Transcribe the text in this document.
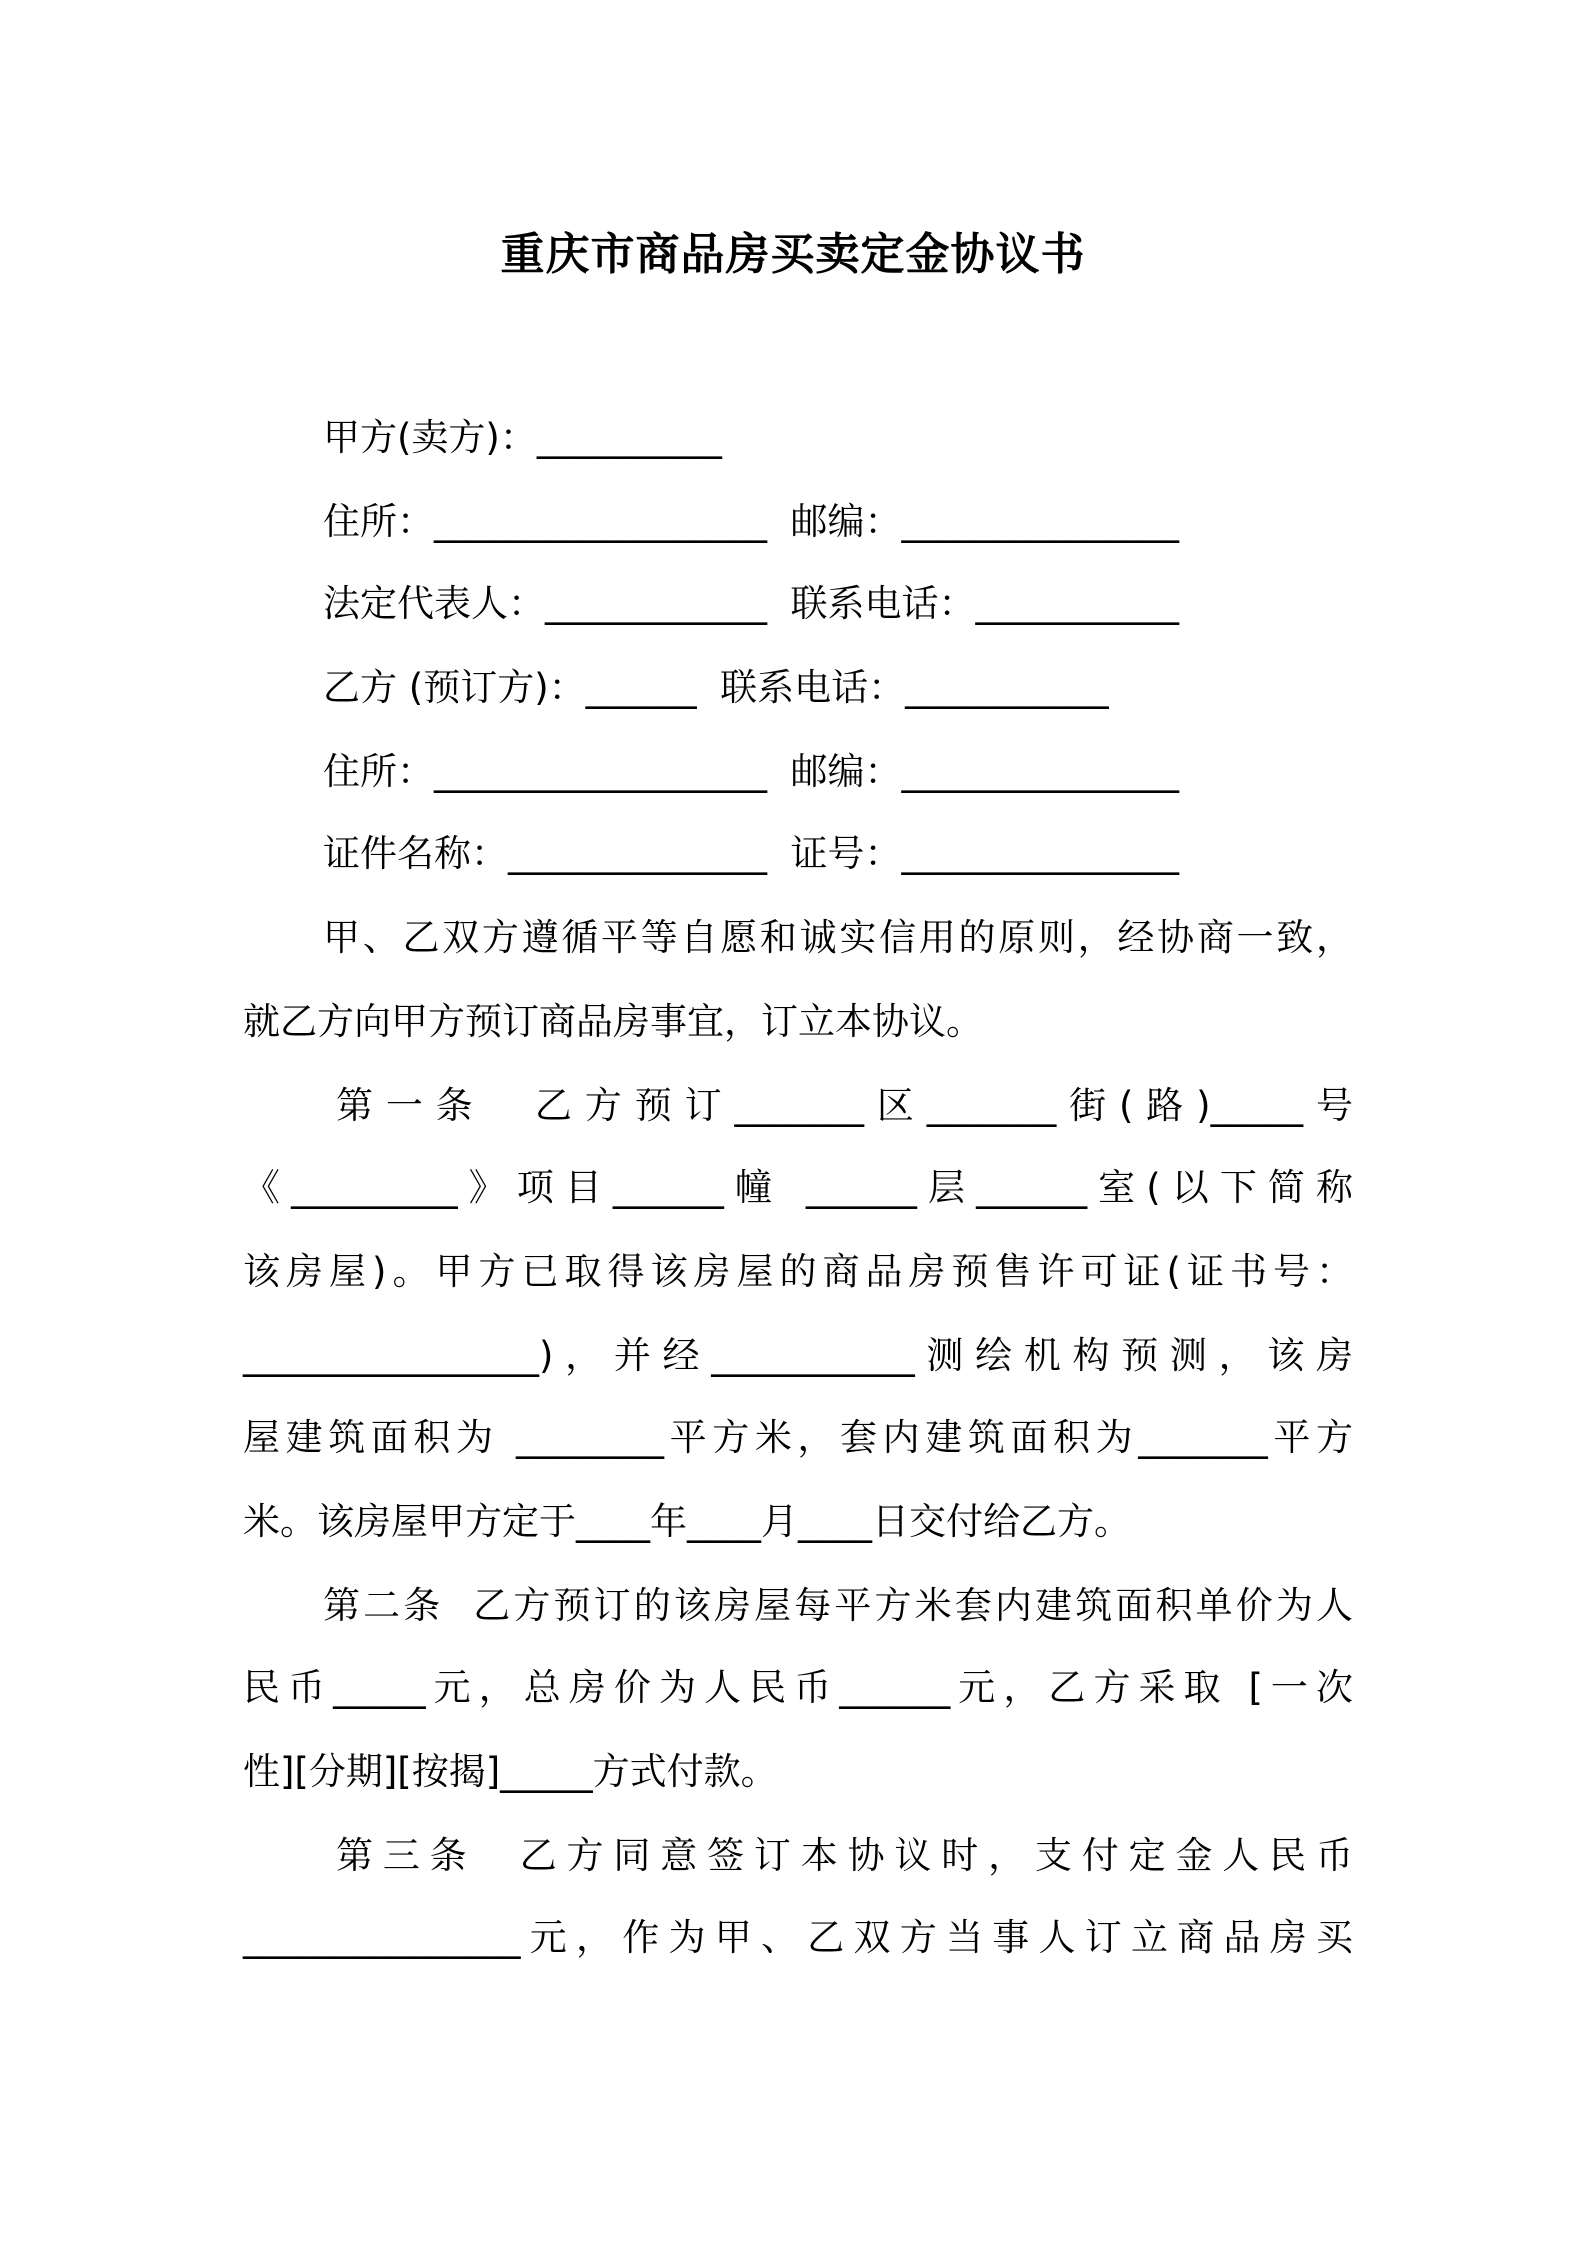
重庆市商品房买卖定金协议书
甲方(卖方)：__________
住所：__________________  邮编：_______________
法定代表人：____________  联系电话：___________
乙方 (预订方)：______  联系电话：___________
住所：__________________  邮编：_______________
证件名称：______________  证号：_______________
甲、乙双方遵循平等自愿和诚实信用的原则，经协商一致，
就乙方向甲方预订商品房事宜，订立本协议。
第一条  乙方预订_______区_______街(路)_____号
《_________》项目______幢 ______层______室(以下简称
该房屋)。甲方已取得该房屋的商品房预售许可证(证书号：
________________)，并经___________测绘机构预测，该房
屋建筑面积为 ________平方米，套内建筑面积为_______平方
米。该房屋甲方定于____年____月____日交付给乙方。
第二条  乙方预订的该房屋每平方米套内建筑面积单价为人
民币_____元，总房价为人民币______元，乙方采取 [一次
性][分期][按揭]_____方式付款。
第三条  乙方同意签订本协议时，支付定金人民币
_______________元，作为甲、乙双方当事人订立商品房买
